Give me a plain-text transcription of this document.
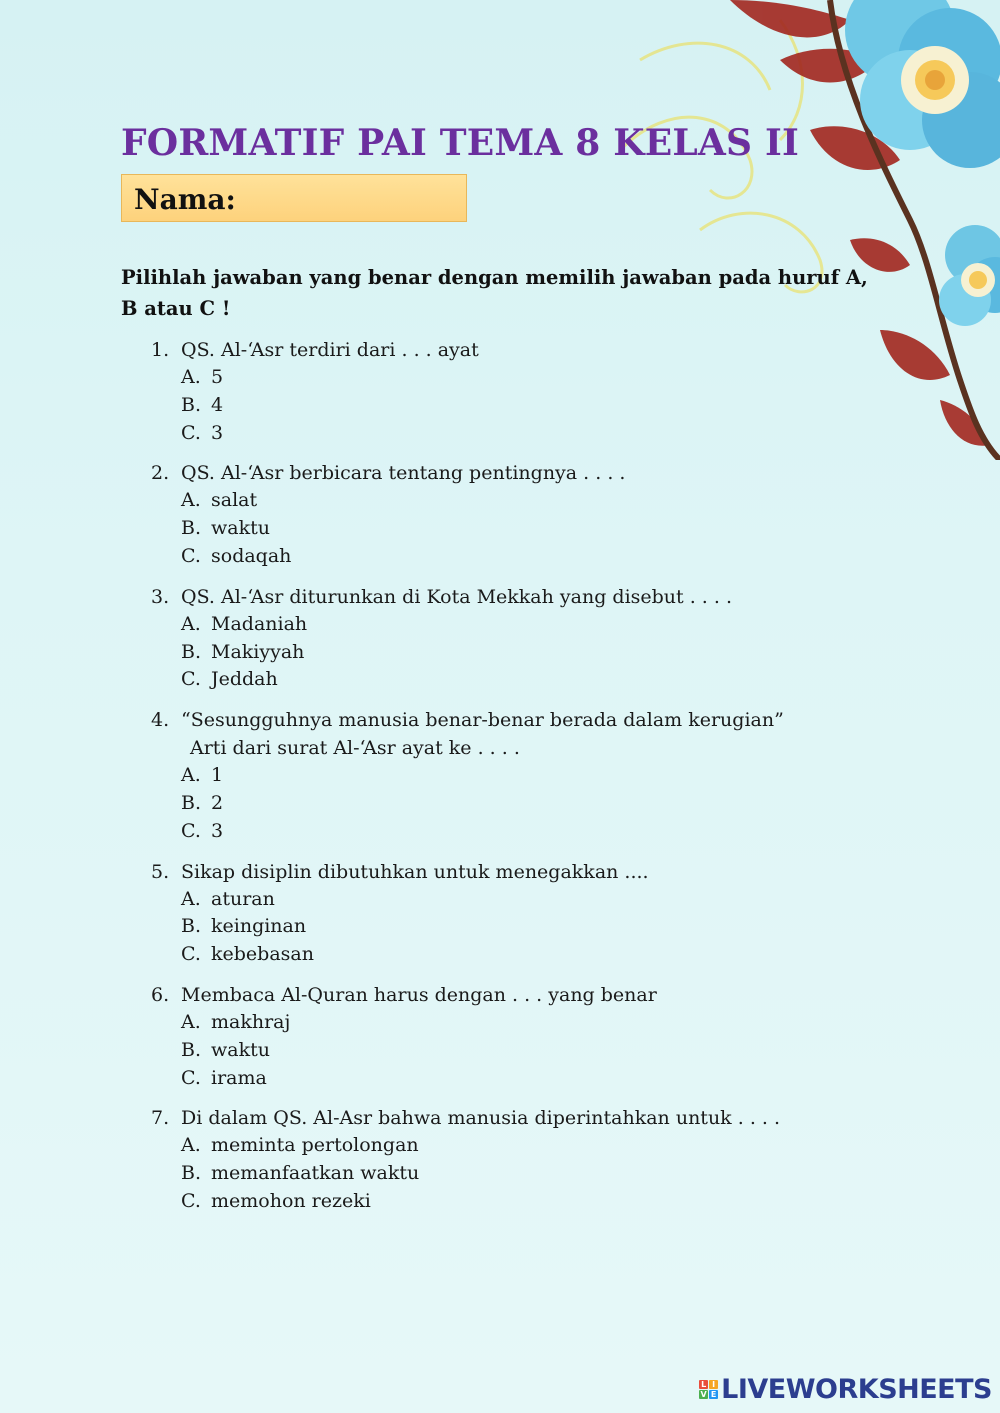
FORMATIF PAI TEMA 8 KELAS II
Nama:
Pilihlah jawaban yang benar dengan memilih jawaban pada huruf A, B atau C !
1. QS. Al-‘Asr terdiri dari . . . ayat
A. 5
B. 4
C. 3
2. QS. Al-‘Asr berbicara tentang pentingnya . . . .
A. salat
B. waktu
C. sodaqah
3. QS. Al-‘Asr diturunkan di Kota Mekkah yang disebut . . . .
A. Madaniah
B. Makiyyah
C. Jeddah
4. “Sesungguhnya manusia benar-benar berada dalam kerugian”
Arti dari surat Al-‘Asr ayat ke . . . .
A. 1
B. 2
C. 3
5. Sikap disiplin dibutuhkan untuk menegakkan ....
A. aturan
B. keinginan
C. kebebasan
6. Membaca Al-Quran harus dengan . . . yang benar
A. makhraj
B. waktu
C. irama
7. Di dalam QS. Al-Asr bahwa manusia diperintahkan untuk . . . .
A. meminta pertolongan
B. memanfaatkan waktu
C. memohon rezeki
L I
V E LIVEWORKSHEETS
